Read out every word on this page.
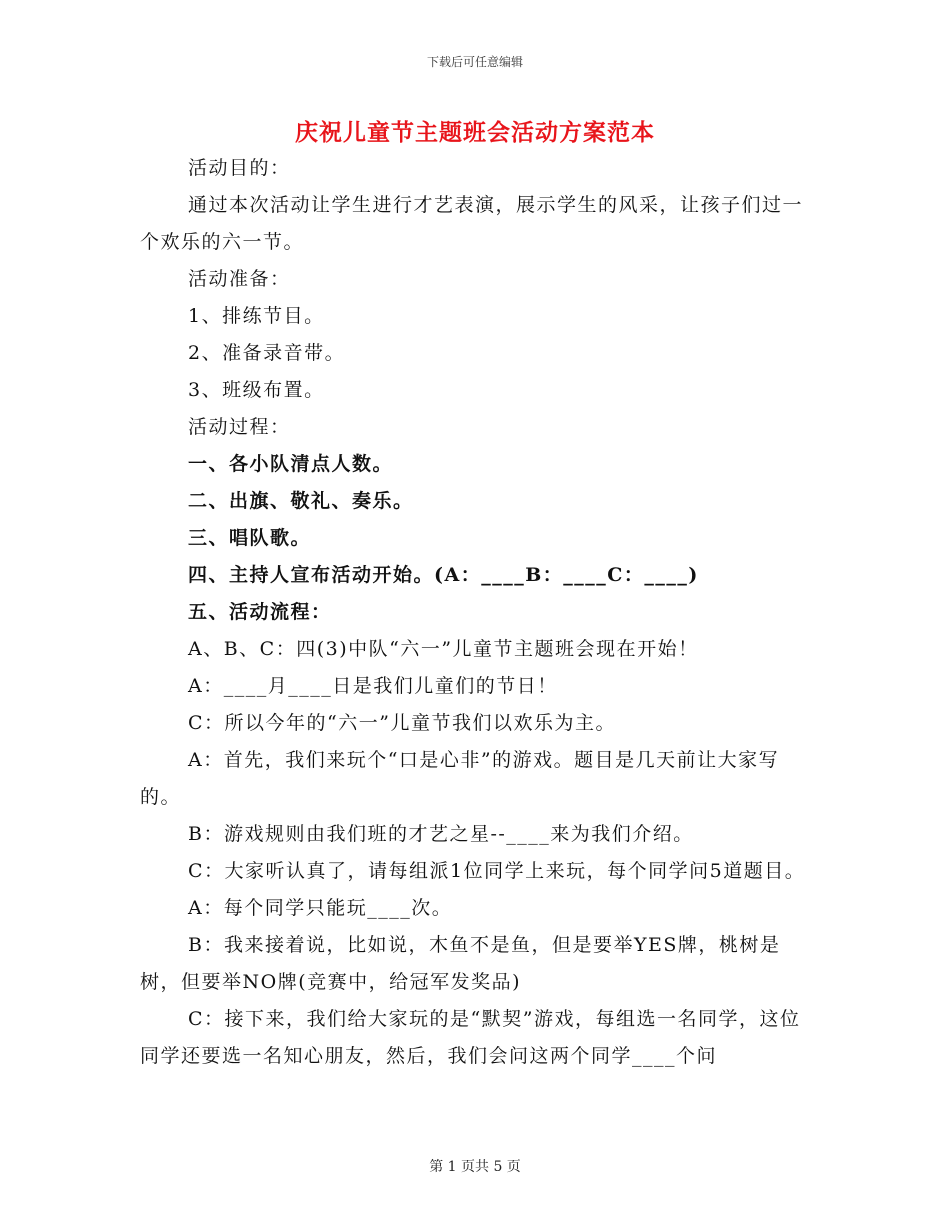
下载后可任意编辑
庆祝儿童节主题班会活动方案范本

活动目的：

通过本次活动让学生进行才艺表演，展示学生的风采，让孩子们过一个欢乐的六一节。

活动准备：

1、排练节目。

2、准备录音带。

3、班级布置。

活动过程：

一、各小队清点人数。

二、出旗、敬礼、奏乐。

三、唱队歌。

四、主持人宣布活动开始。(A：____B：____C：____)

五、活动流程：

A、B、C：四(3)中队“六一”儿童节主题班会现在开始！

A：____月____日是我们儿童们的节日！

C：所以今年的“六一”儿童节我们以欢乐为主。

A：首先，我们来玩个“口是心非”的游戏。题目是几天前让大家写的。

B：游戏规则由我们班的才艺之星--____来为我们介绍。

C：大家听认真了，请每组派1位同学上来玩，每个同学问5道题目。

A：每个同学只能玩____次。

B：我来接着说，比如说，木鱼不是鱼，但是要举YES牌，桃树是树，但要举NO牌(竞赛中，给冠军发奖品)

C：接下来，我们给大家玩的是“默契”游戏，每组选一名同学，这位同学还要选一名知心朋友，然后，我们会问这两个同学____个问

第 1 页共 5 页
